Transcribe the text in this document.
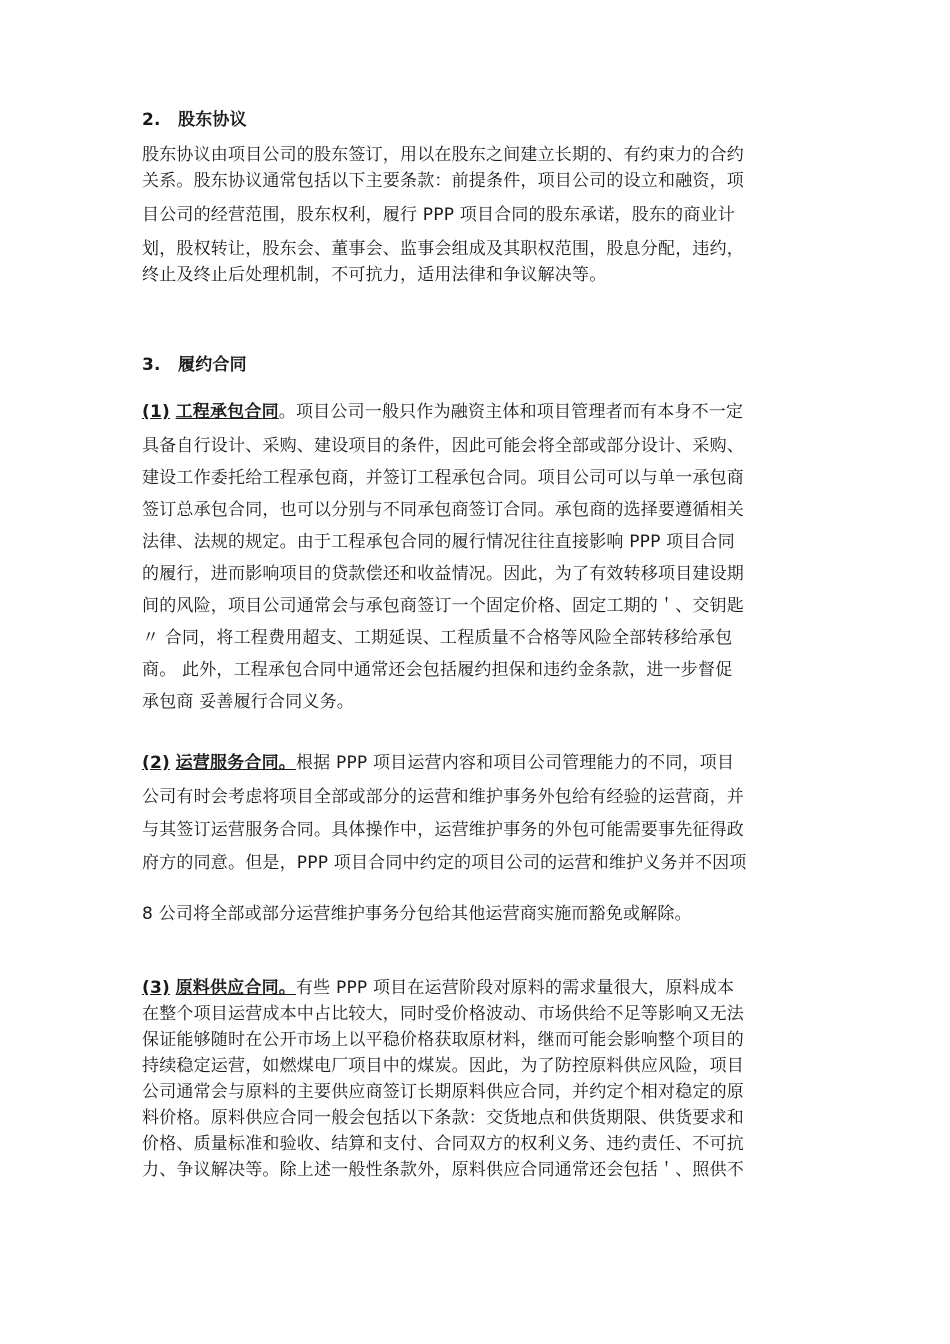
2. 股东协议
股东协议由项目公司的股东签订，用以在股东之间建立长期的、有约束力的合约
关系。股东协议通常包括以下主要条款：前提条件，项目公司的设立和融资，项
目公司的经营范围，股东权利，履行 PPP 项目合同的股东承诺，股东的商业计
划，股权转让，股东会、董事会、监事会组成及其职权范围，股息分配，违约，
终止及终止后处理机制，不可抗力，适用法律和争议解决等。
3. 履约合同
(1) 工程承包合同。项目公司一般只作为融资主体和项目管理者而有本身不一定
具备自行设计、采购、建设项目的条件，因此可能会将全部或部分设计、采购、
建设工作委托给工程承包商，并签订工程承包合同。项目公司可以与单一承包商
签订总承包合同，也可以分别与不同承包商签订合同。承包商的选择要遵循相关
法律、法规的规定。由于工程承包合同的履行情况往往直接影响 PPP 项目合同
的履行，进而影响项目的贷款偿还和收益情况。因此，为了有效转移项目建设期
间的风险，项目公司通常会与承包商签订一个固定价格、固定工期的＇、交钥匙
〃 合同，将工程费用超支、工期延误、工程质量不合格等风险全部转移给承包
商。 此外，工程承包合同中通常还会包括履约担保和违约金条款，进一步督促
承包商 妥善履行合同义务。
(2) 运营服务合同。根据 PPP 项目运营内容和项目公司管理能力的不同，项目
公司有时会考虑将项目全部或部分的运营和维护事务外包给有经验的运营商，并
与其签订运营服务合同。具体操作中，运营维护事务的外包可能需要事先征得政
府方的同意。但是，PPP 项目合同中约定的项目公司的运营和维护义务并不因项
8 公司将全部或部分运营维护事务分包给其他运营商实施而豁免或解除。
(3) 原料供应合同。有些 PPP 项目在运营阶段对原料的需求量很大，原料成本
在整个项目运营成本中占比较大，同时受价格波动、市场供给不足等影响又无法
保证能够随时在公开市场上以平稳价格获取原材料，继而可能会影响整个项目的
持续稳定运营，如燃煤电厂项目中的煤炭。因此，为了防控原料供应风险，项目
公司通常会与原料的主要供应商签订长期原料供应合同，并约定个相对稳定的原
料价格。原料供应合同一般会包括以下条款：交货地点和供货期限、供货要求和
价格、质量标准和验收、结算和支付、合同双方的权利义务、违约责任、不可抗
力、争议解决等。除上述一般性条款外，原料供应合同通常还会包括＇、照供不
